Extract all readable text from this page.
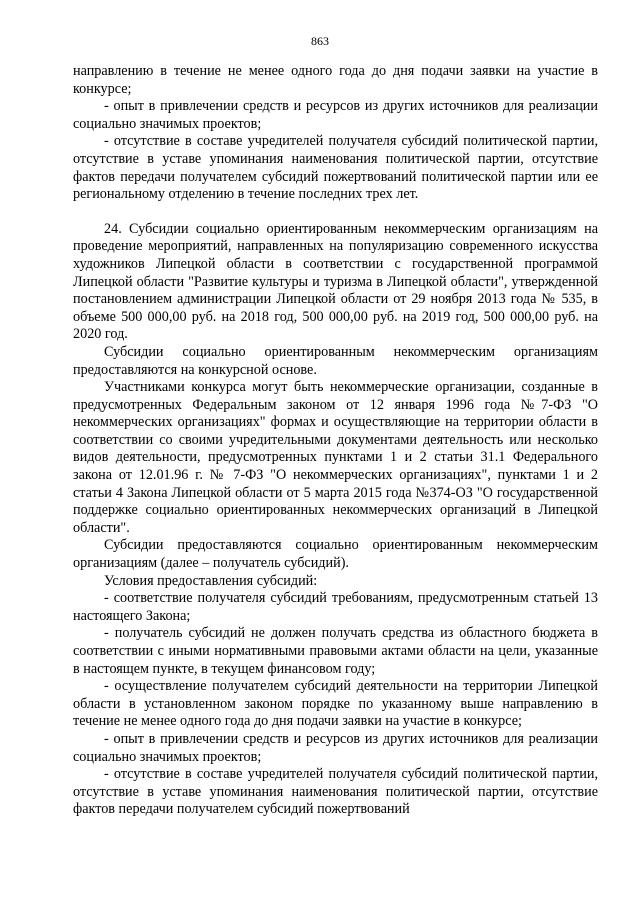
863

направлению в течение не менее одного года до дня подачи заявки на участие в конкурсе;

- опыт в привлечении средств и ресурсов из других источников для реализации социально значимых проектов;

- отсутствие в составе учредителей получателя субсидий политической партии, отсутствие в уставе упоминания наименования политической партии, отсутствие фактов передачи получателем субсидий пожертвований политической партии или ее региональному отделению в течение последних трех лет.

24. Субсидии социально ориентированным некоммерческим организациям на проведение мероприятий, направленных на популяризацию современного искусства художников Липецкой области в соответствии с государственной программой Липецкой области "Развитие культуры и туризма в Липецкой области", утвержденной постановлением администрации Липецкой области от 29 ноября 2013 года № 535, в объеме 500 000,00 руб. на 2018 год, 500 000,00 руб. на 2019 год, 500 000,00 руб. на 2020 год.

Субсидии социально ориентированным некоммерческим организациям предоставляются на конкурсной основе.

Участниками конкурса могут быть некоммерческие организации, созданные в предусмотренных Федеральным законом от 12 января 1996 года №7-ФЗ "О некоммерческих организациях" формах и осуществляющие на территории области в соответствии со своими учредительными документами деятельность или несколько видов деятельности, предусмотренных пунктами 1 и 2 статьи 31.1 Федерального закона от 12.01.96 г. № 7-ФЗ "О некоммерческих организациях", пунктами 1 и 2 статьи 4 Закона Липецкой области от 5 марта 2015 года №374-ОЗ "О государственной поддержке социально ориентированных некоммерческих организаций в Липецкой области".

Субсидии предоставляются социально ориентированным некоммерческим организациям (далее – получатель субсидий).

Условия предоставления субсидий:

- соответствие получателя субсидий требованиям, предусмотренным статьей 13 настоящего Закона;

- получатель субсидий не должен получать средства из областного бюджета в соответствии с иными нормативными правовыми актами области на цели, указанные в настоящем пункте, в текущем финансовом году;

- осуществление получателем субсидий деятельности на территории Липецкой области в установленном законом порядке по указанному выше направлению в течение не менее одного года до дня подачи заявки на участие в конкурсе;

- опыт в привлечении средств и ресурсов из других источников для реализации социально значимых проектов;

- отсутствие в составе учредителей получателя субсидий политической партии, отсутствие в уставе упоминания наименования политической партии, отсутствие фактов передачи получателем субсидий пожертвований
